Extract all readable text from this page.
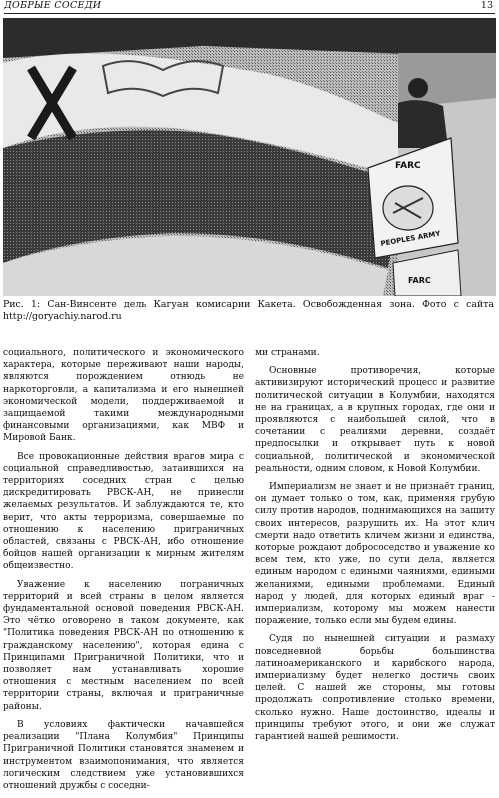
ДОБРЫЕ СОСЕДИ	13
FARC
PEOPLES ARMY
FARC
Рис. 1: Сан-Винсенте дель Кагуан комисарии Какета. Освобожденная зона. Фото с сайта http://goryachiy.narod.ru

социального, политического и экономического характера, которые переживают наши народы, являются порождением отнюдь не наркоторговли, а капитализма и его нынешней экономической модели, поддерживаемой и защищаемой такими международными финансовыми организациями, как МВФ и Мировой Банк.

Все провокационные действия врагов мира с социальной справедливостью, затаившихся на территориях соседних стран с целью дискредитировать РВСК-АН, не принесли желаемых результатов. И заблуждаются те, кто верит, что акты терроризма, совершаемые по отношению к населению приграничных областей, связаны с РВСК-АН, ибо отношение бойцов нашей организации к мирным жителям общеизвестно.

Уважение к населению пограничных территорий и всей страны в целом является фундаментальной основой поведения РВСК-АН. Это чётко оговорено в таком документе, как "Политика поведения РВСК-АН по отношению к гражданскому населению", которая единa с Принципами Приграничной Политики, что и позволяет нам устанавливать хорошие отношения с местным населением по всей территории страны, включая и приграничные районы.

В условиях фактически начавшейся реализации "Плана Колумбия" Принципы Приграничной Политики становятся знаменем и инструментом взаимопонимания, что является логическим следствием уже установившихся отношений дружбы с соседни-

ми странами.

Основные противоречия, которые активизируют исторический процесс и развитие политической ситуации в Колумбии, находятся не на границах, а в крупных городах, где они и проявляются с наибольшей силой, что в сочетании с реалиями деревни, создаёт предпосылки и открывает путь к новой социальной, политической и экономической реальности, одним словом, к Новой Колумбии.

Империализм не знает и не признаёт границ, он думает только о том, как, применяя грубую силу против народов, поднимающихся на защиту своих интересов, разрушить их. На этот клич смерти надо ответить кличем жизни и единства, которые рождают добрососедство и уважение ко всем тем, кто уже, по сути дела, является единым народом с едиными чаяниями, едиными желаниями, едиными проблемами. Единый народ у людей, для которых единый враг - империализм, которому мы можем нанести поражение, только если мы будем едины.

Судя по нынешней ситуации и размаху повседневной борьбы большинства латиноамериканского и карибского народа, империализму будет нелегко достичь своих целей. С нашей же стороны, мы готовы продолжать сопротивление столько времени, сколько нужно. Наше достоинство, идеалы и принципы требуют этого, и они же служат гарантией нашей решимости.
